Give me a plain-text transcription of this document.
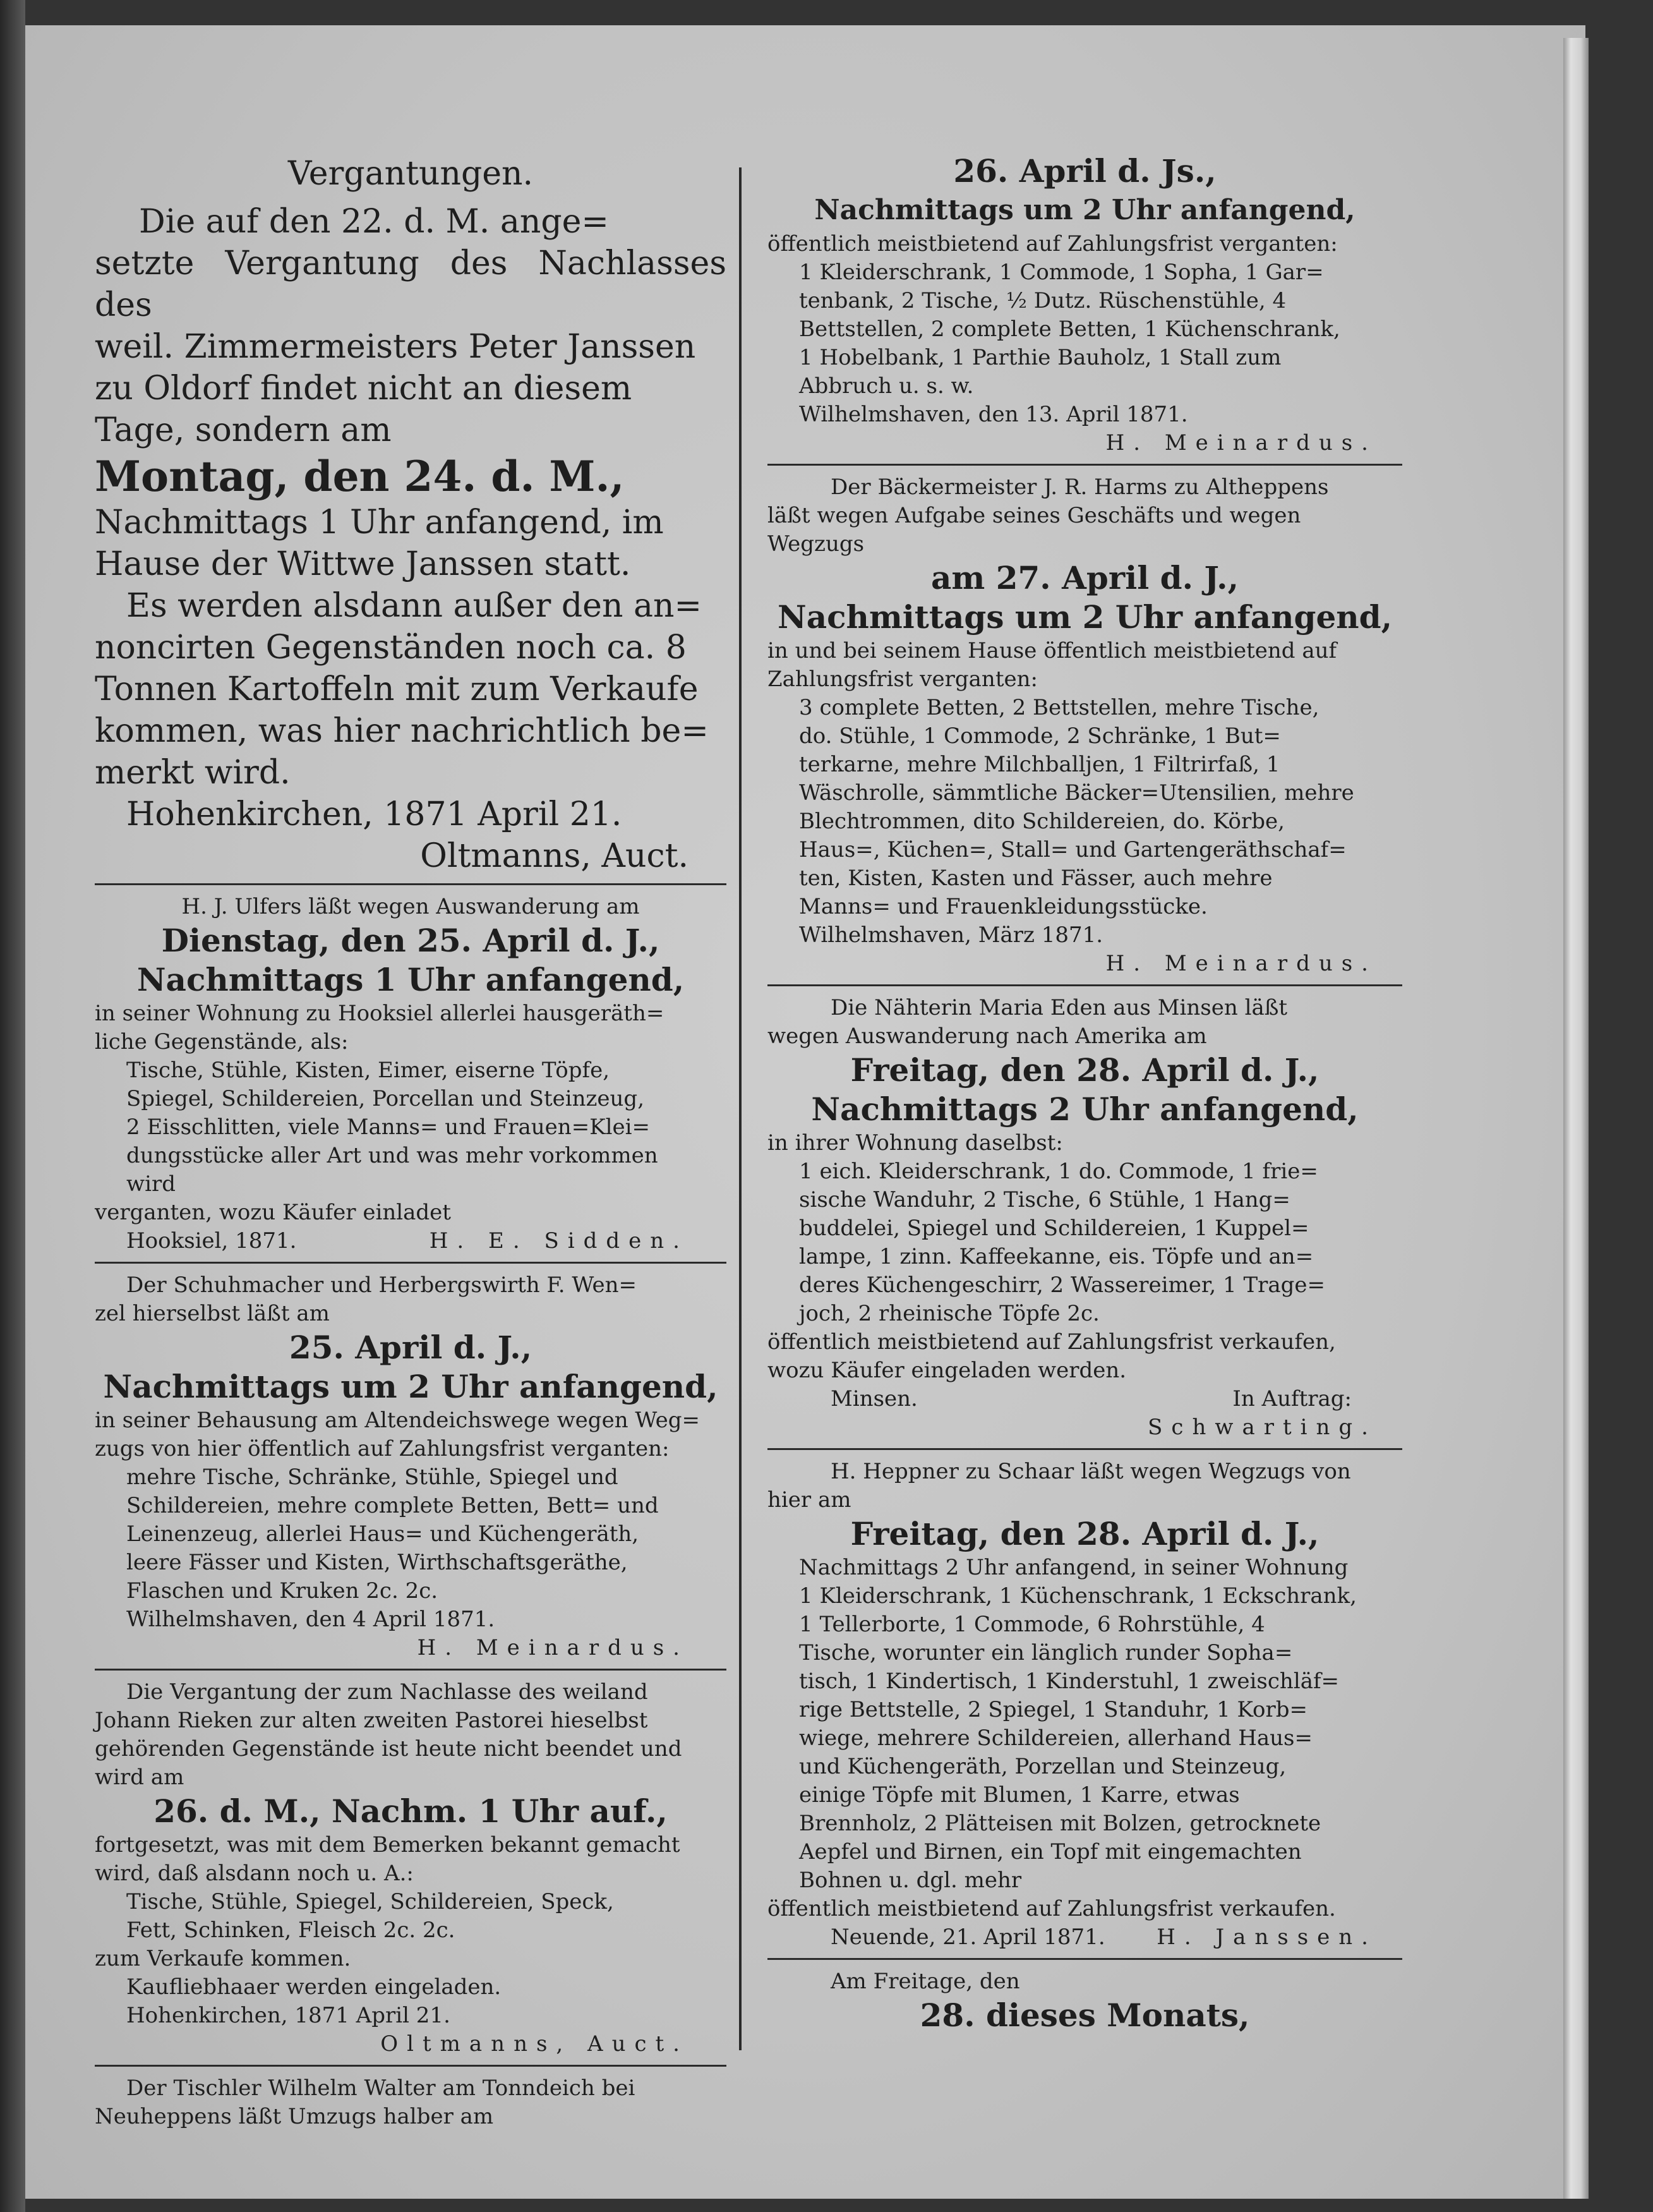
Vergantungen.

Die auf den 22. d. M. ange=

setzte Vergantung des Nachlasses des

weil. Zimmermeisters Peter Janssen

zu Oldorf findet nicht an diesem

Tage, sondern am

Montag, den 24. d. M.,

Nachmittags 1 Uhr anfangend, im

Hause der Wittwe Janssen statt.

Es werden alsdann außer den an=

noncirten Gegenständen noch ca. 8

Tonnen Kartoffeln mit zum Verkaufe

kommen, was hier nachrichtlich be=

merkt wird.

Hohenkirchen, 1871 April 21.

Oltmanns, Auct.

H. J. Ulfers läßt wegen Auswanderung am

Dienstag, den 25. April d. J.,

Nachmittags 1 Uhr anfangend,

in seiner Wohnung zu Hooksiel allerlei hausgeräth=

liche Gegenstände, als:

Tische, Stühle, Kisten, Eimer, eiserne Töpfe,

Spiegel, Schildereien, Porcellan und Steinzeug,

2 Eisschlitten, viele Manns= und Frauen=Klei=

dungsstücke aller Art und was mehr vorkommen

wird

verganten, wozu Käufer einladet

Hooksiel, 1871.	H. E. Sidden.

Der Schuhmacher und Herbergswirth F. Wen=

zel hierselbst läßt am

25. April d. J.,

Nachmittags um 2 Uhr anfangend,

in seiner Behausung am Altendeichswege wegen Weg=

zugs von hier öffentlich auf Zahlungsfrist verganten:

mehre Tische, Schränke, Stühle, Spiegel und

Schildereien, mehre complete Betten, Bett= und

Leinenzeug, allerlei Haus= und Küchengeräth,

leere Fässer und Kisten, Wirthschaftsgeräthe,

Flaschen und Kruken 2c. 2c.

Wilhelmshaven, den 4 April 1871.

H. Meinardus.

Die Vergantung der zum Nachlasse des weiland

Johann Rieken zur alten zweiten Pastorei hieselbst

gehörenden Gegenstände ist heute nicht beendet und

wird am

26. d. M., Nachm. 1 Uhr auf.,

fortgesetzt, was mit dem Bemerken bekannt gemacht

wird, daß alsdann noch u. A.:

Tische, Stühle, Spiegel, Schildereien, Speck,

Fett, Schinken, Fleisch 2c. 2c.

zum Verkaufe kommen.

Kaufliebhaaer werden eingeladen.

Hohenkirchen, 1871 April 21.

Oltmanns, Auct.

Der Tischler Wilhelm Walter am Tonndeich bei

Neuheppens läßt Umzugs halber am

26. April d. Js.,

Nachmittags um 2 Uhr anfangend,

öffentlich meistbietend auf Zahlungsfrist verganten:

1 Kleiderschrank, 1 Commode, 1 Sopha, 1 Gar=

tenbank, 2 Tische, ½ Dutz. Rüschenstühle, 4

Bettstellen, 2 complete Betten, 1 Küchenschrank,

1 Hobelbank, 1 Parthie Bauholz, 1 Stall zum

Abbruch u. s. w.

Wilhelmshaven, den 13. April 1871.

H. Meinardus.

Der Bäckermeister J. R. Harms zu Altheppens

läßt wegen Aufgabe seines Geschäfts und wegen

Wegzugs

am 27. April d. J.,

Nachmittags um 2 Uhr anfangend,

in und bei seinem Hause öffentlich meistbietend auf

Zahlungsfrist verganten:

3 complete Betten, 2 Bettstellen, mehre Tische,

do. Stühle, 1 Commode, 2 Schränke, 1 But=

terkarne, mehre Milchballjen, 1 Filtrirfaß, 1

Wäschrolle, sämmtliche Bäcker=Utensilien, mehre

Blechtrommen, dito Schildereien, do. Körbe,

Haus=, Küchen=, Stall= und Gartengeräthschaf=

ten, Kisten, Kasten und Fässer, auch mehre

Manns= und Frauenkleidungsstücke.

Wilhelmshaven, März 1871.

H. Meinardus.

Die Nähterin Maria Eden aus Minsen läßt

wegen Auswanderung nach Amerika am

Freitag, den 28. April d. J.,

Nachmittags 2 Uhr anfangend,

in ihrer Wohnung daselbst:

1 eich. Kleiderschrank, 1 do. Commode, 1 frie=

sische Wanduhr, 2 Tische, 6 Stühle, 1 Hang=

buddelei, Spiegel und Schildereien, 1 Kuppel=

lampe, 1 zinn. Kaffeekanne, eis. Töpfe und an=

deres Küchengeschirr, 2 Wassereimer, 1 Trage=

joch, 2 rheinische Töpfe 2c.

öffentlich meistbietend auf Zahlungsfrist verkaufen,

wozu Käufer eingeladen werden.

Minsen.	In Auftrag:

Schwarting.

H. Heppner zu Schaar läßt wegen Wegzugs von

hier am

Freitag, den 28. April d. J.,

Nachmittags 2 Uhr anfangend, in seiner Wohnung

1 Kleiderschrank, 1 Küchenschrank, 1 Eckschrank,

1 Tellerborte, 1 Commode, 6 Rohrstühle, 4

Tische, worunter ein länglich runder Sopha=

tisch, 1 Kindertisch, 1 Kinderstuhl, 1 zweischläf=

rige Bettstelle, 2 Spiegel, 1 Standuhr, 1 Korb=

wiege, mehrere Schildereien, allerhand Haus=

und Küchengeräth, Porzellan und Steinzeug,

einige Töpfe mit Blumen, 1 Karre, etwas

Brennholz, 2 Plätteisen mit Bolzen, getrocknete

Aepfel und Birnen, ein Topf mit eingemachten

Bohnen u. dgl. mehr

öffentlich meistbietend auf Zahlungsfrist verkaufen.

Neuende, 21. April 1871. H. Janssen.

Am Freitage, den

28. dieses Monats,
